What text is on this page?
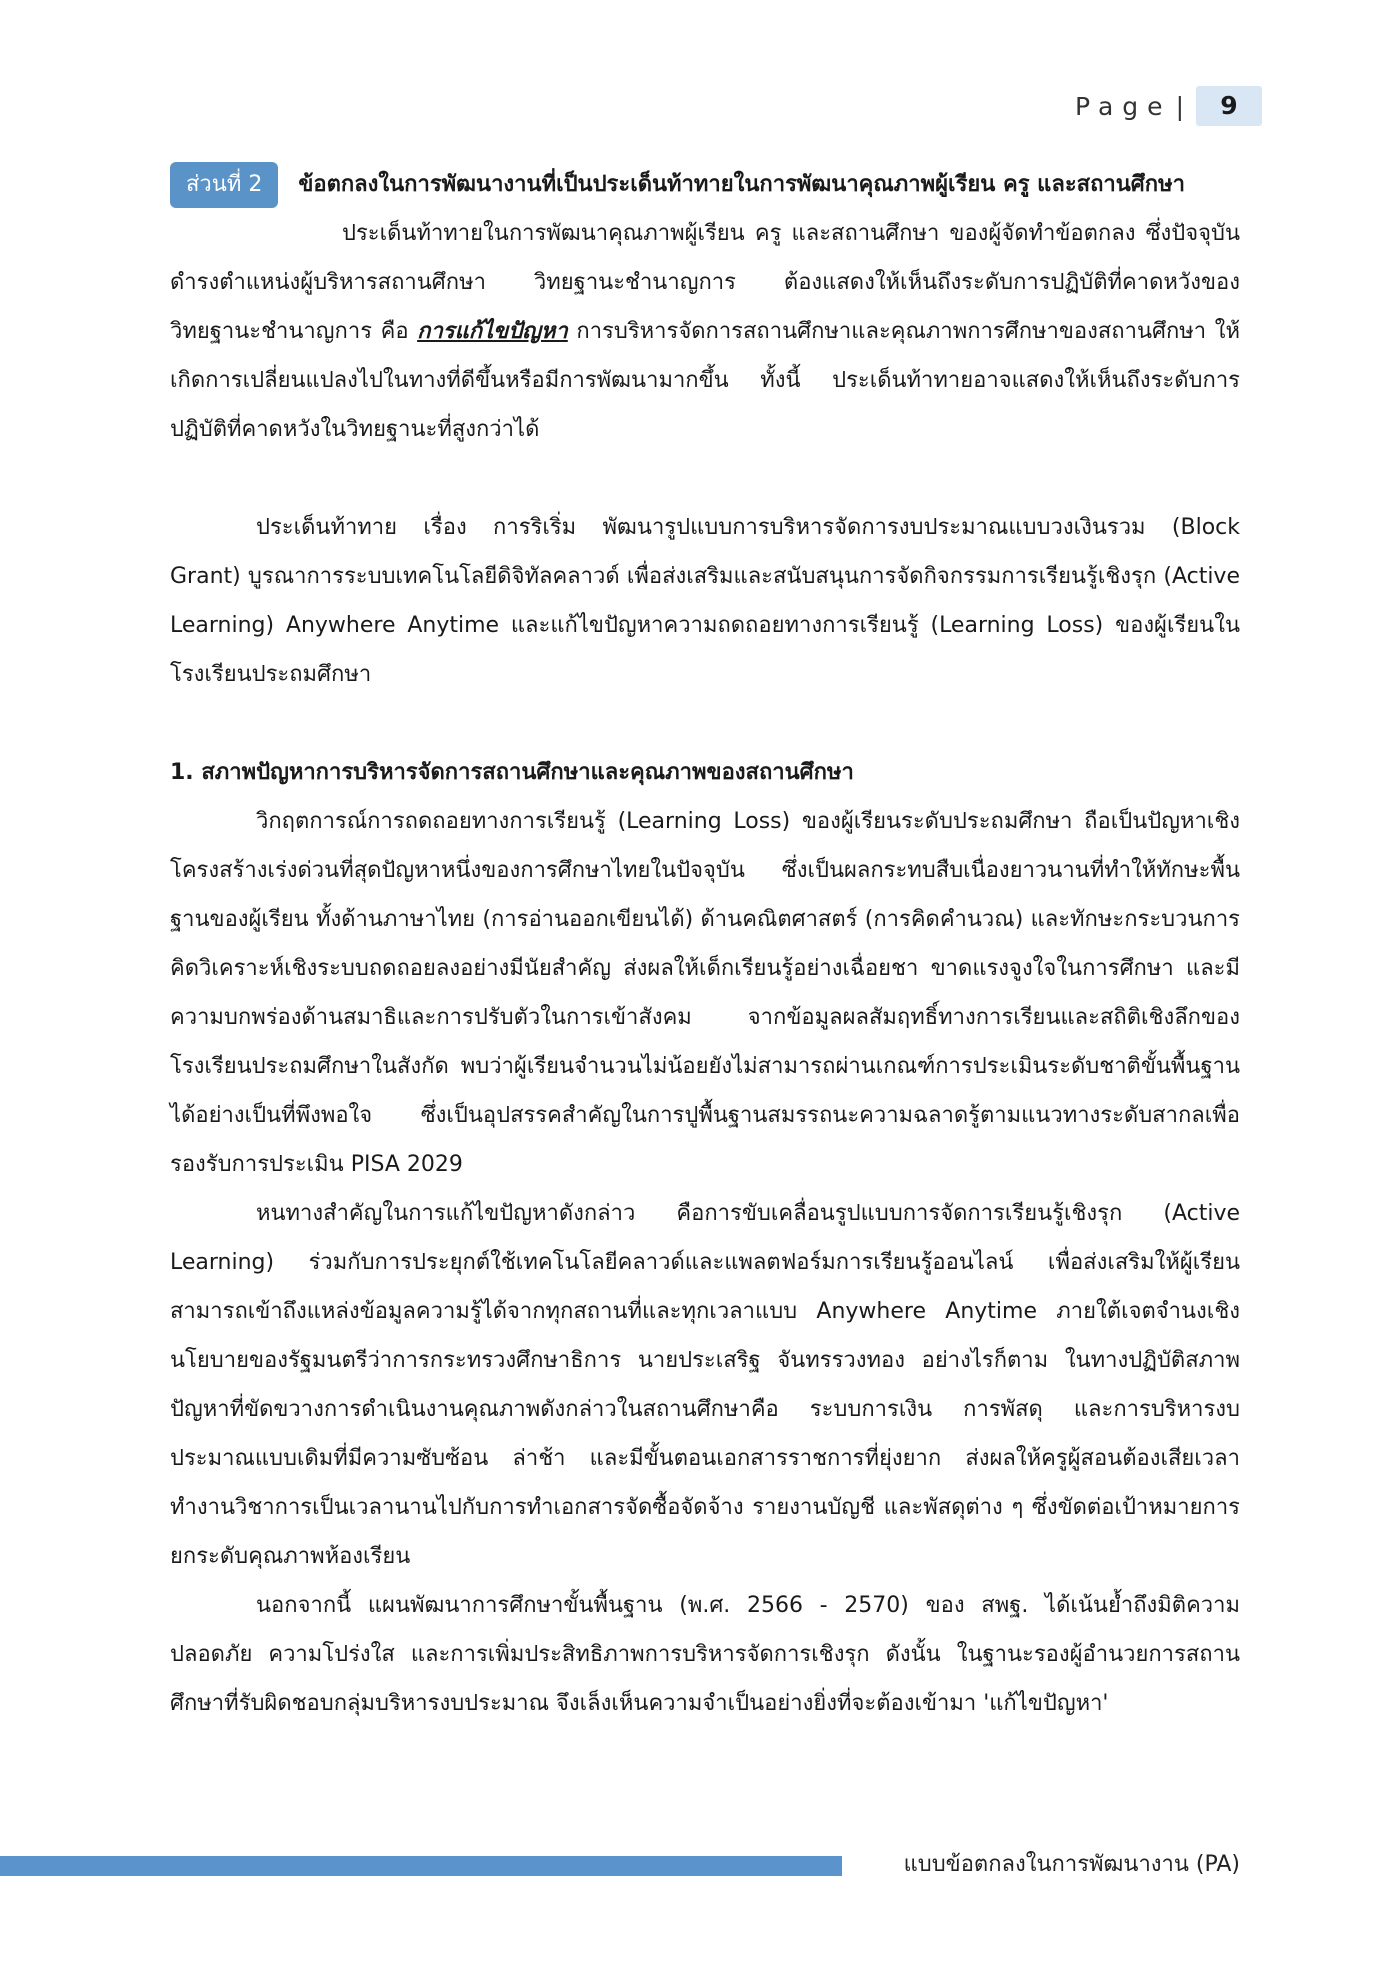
Page |	9
ส่วนที่ 2 ข้อตกลงในการพัฒนางานที่เป็นประเด็นท้าทายในการพัฒนาคุณภาพผู้เรียน ครู และสถานศึกษา

ประเด็นท้าทายในการพัฒนาคุณภาพผู้เรียน ครู และสถานศึกษา ของผู้จัดทำข้อตกลง ซึ่งปัจจุบันดำรงตำแหน่งผู้บริหารสถานศึกษา วิทยฐานะชำนาญการ ต้องแสดงให้เห็นถึงระดับการปฏิบัติที่คาดหวังของวิทยฐานะชำนาญการ คือ การแก้ไขปัญหา การบริหารจัดการสถานศึกษาและคุณภาพการศึกษาของสถานศึกษา ให้เกิดการเปลี่ยนแปลงไปในทางที่ดีขึ้นหรือมีการพัฒนามากขึ้น ทั้งนี้ ประเด็นท้าทายอาจแสดงให้เห็นถึงระดับการปฏิบัติที่คาดหวังในวิทยฐานะที่สูงกว่าได้

ประเด็นท้าทาย เรื่อง การริเริ่ม พัฒนารูปแบบการบริหารจัดการงบประมาณแบบวงเงินรวม (Block Grant) บูรณาการระบบเทคโนโลยีดิจิทัลคลาวด์ เพื่อส่งเสริมและสนับสนุนการจัดกิจกรรมการเรียนรู้เชิงรุก (Active Learning) Anywhere Anytime และแก้ไขปัญหาความถดถอยทางการเรียนรู้ (Learning Loss) ของผู้เรียนในโรงเรียนประถมศึกษา

1. สภาพปัญหาการบริหารจัดการสถานศึกษาและคุณภาพของสถานศึกษา

วิกฤตการณ์การถดถอยทางการเรียนรู้ (Learning Loss) ของผู้เรียนระดับประถมศึกษา ถือเป็นปัญหาเชิงโครงสร้างเร่งด่วนที่สุดปัญหาหนึ่งของการศึกษาไทยในปัจจุบัน ซึ่งเป็นผลกระทบสืบเนื่องยาวนานที่ทำให้ทักษะพื้นฐานของผู้เรียน ทั้งด้านภาษาไทย (การอ่านออกเขียนได้) ด้านคณิตศาสตร์ (การคิดคำนวณ) และทักษะกระบวนการคิดวิเคราะห์เชิงระบบถดถอยลงอย่างมีนัยสำคัญ ส่งผลให้เด็กเรียนรู้อย่างเฉื่อยชา ขาดแรงจูงใจในการศึกษา และมีความบกพร่องด้านสมาธิและการปรับตัวในการเข้าสังคม จากข้อมูลผลสัมฤทธิ์ทางการเรียนและสถิติเชิงลึกของโรงเรียนประถมศึกษาในสังกัด พบว่าผู้เรียนจำนวนไม่น้อยยังไม่สามารถผ่านเกณฑ์การประเมินระดับชาติขั้นพื้นฐานได้อย่างเป็นที่พึงพอใจ ซึ่งเป็นอุปสรรคสำคัญในการปูพื้นฐานสมรรถนะความฉลาดรู้ตามแนวทางระดับสากลเพื่อรองรับการประเมิน PISA 2029

หนทางสำคัญในการแก้ไขปัญหาดังกล่าว คือการขับเคลื่อนรูปแบบการจัดการเรียนรู้เชิงรุก (Active Learning) ร่วมกับการประยุกต์ใช้เทคโนโลยีคลาวด์และแพลตฟอร์มการเรียนรู้ออนไลน์ เพื่อส่งเสริมให้ผู้เรียนสามารถเข้าถึงแหล่งข้อมูลความรู้ได้จากทุกสถานที่และทุกเวลาแบบ Anywhere Anytime ภายใต้เจตจำนงเชิงนโยบายของรัฐมนตรีว่าการกระทรวงศึกษาธิการ นายประเสริฐ จันทรรวงทอง อย่างไรก็ตาม ในทางปฏิบัติสภาพปัญหาที่ขัดขวางการดำเนินงานคุณภาพดังกล่าวในสถานศึกษาคือ ระบบการเงิน การพัสดุ และการบริหารงบประมาณแบบเดิมที่มีความซับซ้อน ล่าช้า และมีขั้นตอนเอกสารราชการที่ยุ่งยาก ส่งผลให้ครูผู้สอนต้องเสียเวลาทำงานวิชาการเป็นเวลานานไปกับการทำเอกสารจัดซื้อจัดจ้าง รายงานบัญชี และพัสดุต่าง ๆ ซึ่งขัดต่อเป้าหมายการยกระดับคุณภาพห้องเรียน

นอกจากนี้ แผนพัฒนาการศึกษาขั้นพื้นฐาน (พ.ศ. 2566 - 2570) ของ สพฐ. ได้เน้นย้ำถึงมิติความปลอดภัย ความโปร่งใส และการเพิ่มประสิทธิภาพการบริหารจัดการเชิงรุก ดังนั้น ในฐานะรองผู้อำนวยการสถานศึกษาที่รับผิดชอบกลุ่มบริหารงบประมาณ จึงเล็งเห็นความจำเป็นอย่างยิ่งที่จะต้องเข้ามา 'แก้ไขปัญหา'

แบบข้อตกลงในการพัฒนางาน (PA)
